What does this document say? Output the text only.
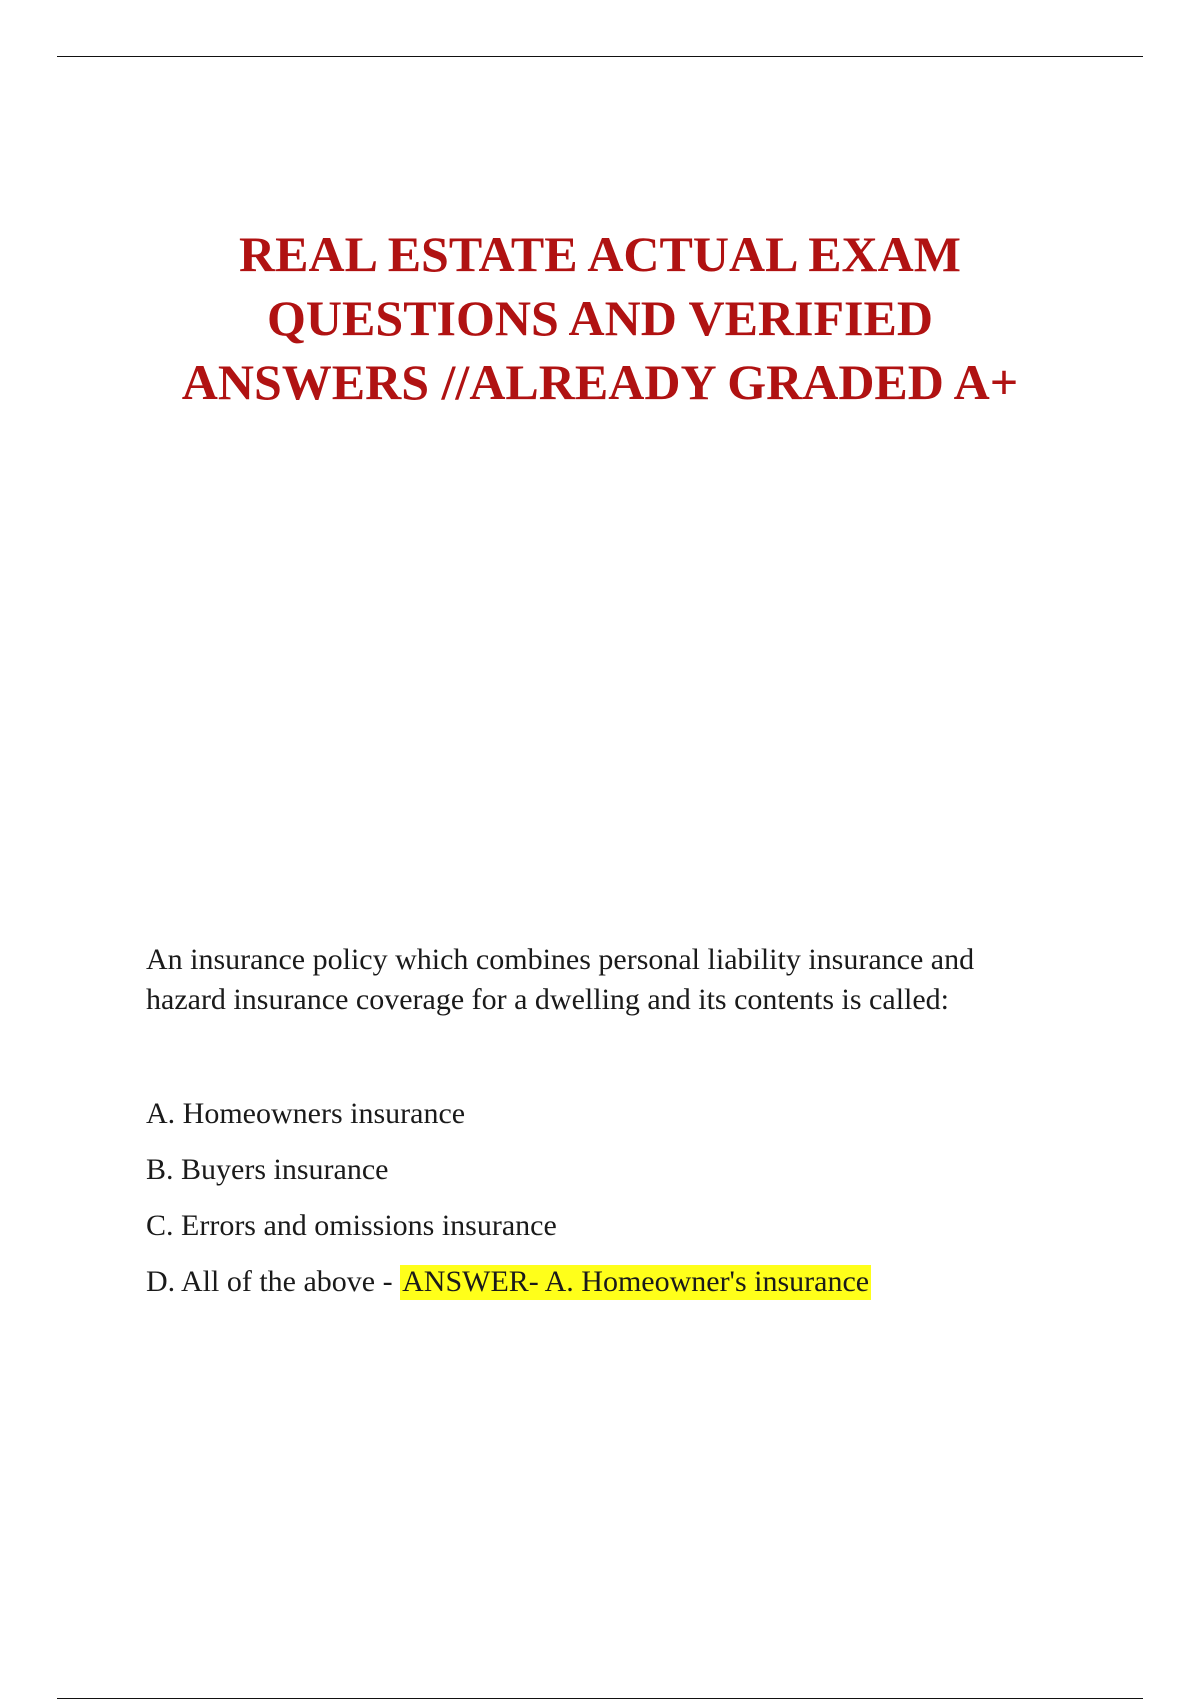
REAL ESTATE ACTUAL EXAM
QUESTIONS AND VERIFIED
ANSWERS //ALREADY GRADED A+

An insurance policy which combines personal liability insurance and
hazard insurance coverage for a dwelling and its contents is called:

A. Homeowners insurance
B. Buyers insurance
C. Errors and omissions insurance
D. All of the above - ANSWER- A. Homeowner's insurance
